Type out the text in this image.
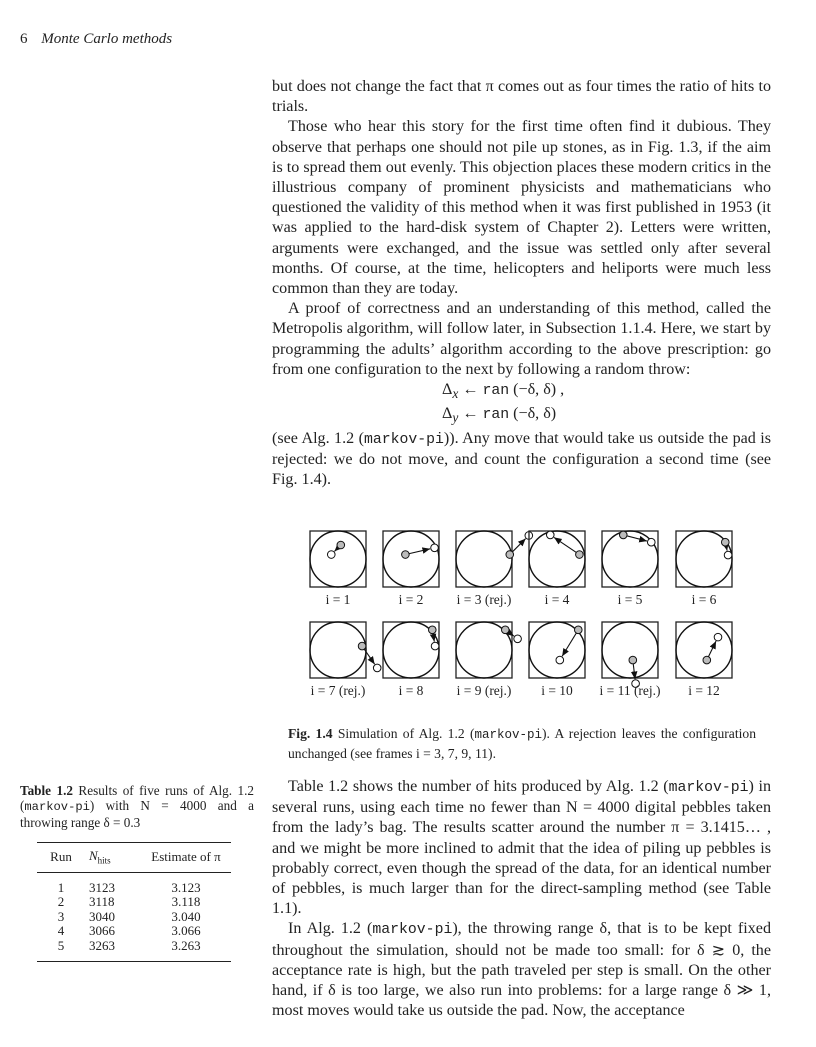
6 Monte Carlo methods

but does not change the fact that π comes out as four times the ratio of hits to trials.

Those who hear this story for the first time often find it dubious. They observe that perhaps one should not pile up stones, as in Fig. 1.3, if the aim is to spread them out evenly. This objection places these modern critics in the illustrious company of prominent physicists and mathematicians who questioned the validity of this method when it was first published in 1953 (it was applied to the hard-disk system of Chapter 2). Letters were written, arguments were exchanged, and the issue was settled only after several months. Of course, at the time, helicopters and heliports were much less common than they are today.

A proof of correctness and an understanding of this method, called the Metropolis algorithm, will follow later, in Subsection 1.1.4. Here, we start by programming the adults’ algorithm according to the above prescription: go from one configuration to the next by following a random throw:

$\Delta_x$ ← ran (−δ, δ) ,
$\Delta_y$ ← ran (−δ, δ)

(see Alg. 1.2 (markov-pi)). Any move that would take us outside the pad is rejected: we do not move, and count the configuration a second time (see Fig. 1.4).

i = 1	i = 2 i = 3 (rej.) i = 4	i = 5	i = 6
i = 7 (rej.) i = 8 i = 9 (rej.) i = 10 i = 11 (rej.) i = 12
Fig. 1.4 Simulation of Alg. 1.2 (markov-pi). A rejection leaves the configuration unchanged (see frames i = 3, 7, 9, 11).
Table 1.2 Results of five runs of Alg. 1.2 (markov-pi) with N = 4000 and a throwing range δ = 0.3
Run	$N_{hits}$	Estimate of π
1	3123	3.123
2	3118	3.118
3	3040	3.040
4	3066	3.066
5	3263	3.263

Table 1.2 shows the number of hits produced by Alg. 1.2 (markov-pi) in several runs, using each time no fewer than N = 4000 digital pebbles taken from the lady’s bag. The results scatter around the number π = 3.1415… , and we might be more inclined to admit that the idea of piling up pebbles is probably correct, even though the spread of the data, for an identical number of pebbles, is much larger than for the direct-sampling method (see Table 1.1).

In Alg. 1.2 (markov-pi), the throwing range δ, that is to be kept fixed throughout the simulation, should not be made too small: for δ ≳ 0, the acceptance rate is high, but the path traveled per step is small. On the other hand, if δ is too large, we also run into problems: for a large range δ ≫ 1, most moves would take us outside the pad. Now, the acceptance
